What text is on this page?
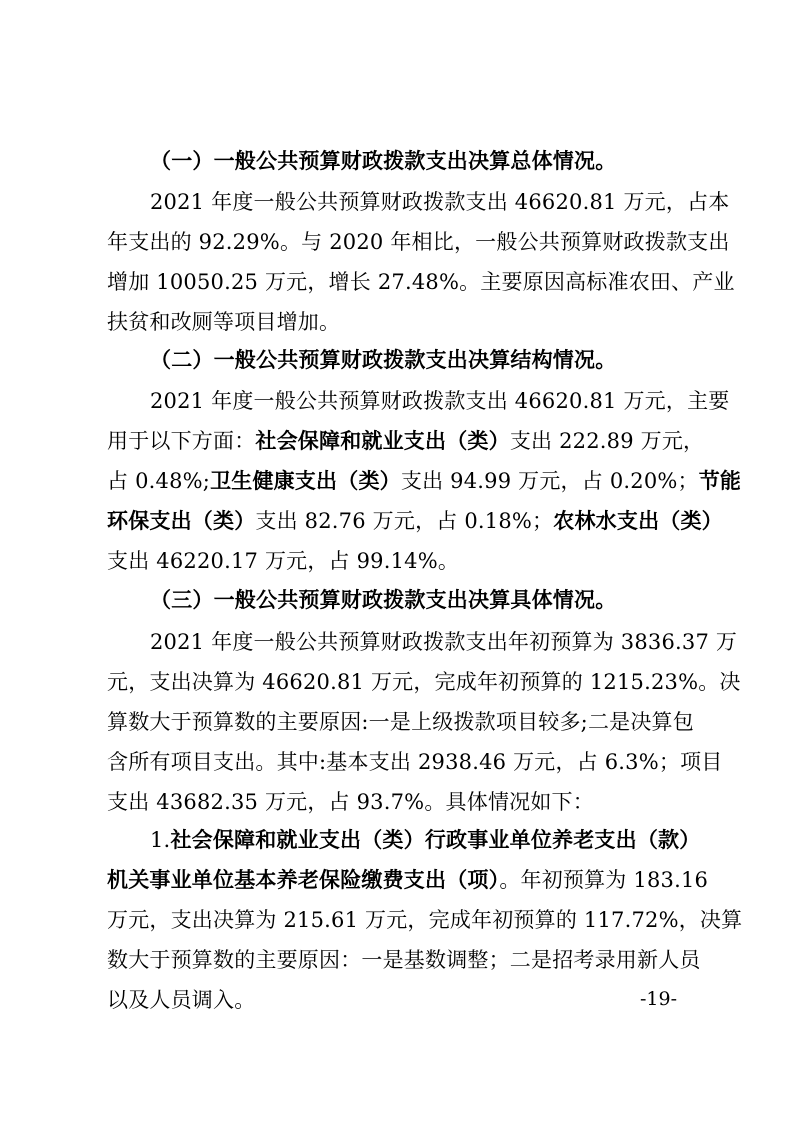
（一）一般公共预算财政拨款支出决算总体情况。
2021 年度一般公共预算财政拨款支出 46620.81 万元，占本
年支出的 92.29%。与 2020 年相比，一般公共预算财政拨款支出
增加 10050.25 万元，增长 27.48%。主要原因高标准农田、产业
扶贫和改厕等项目增加。
（二）一般公共预算财政拨款支出决算结构情况。
2021 年度一般公共预算财政拨款支出 46620.81 万元，主要
用于以下方面：社会保障和就业支出（类）支出 222.89 万元，
占 0.48%;卫生健康支出（类）支出 94.99 万元，占 0.20%；节能
环保支出（类）支出 82.76 万元，占 0.18%；农林水支出（类）
支出 46220.17 万元，占 99.14%。
（三）一般公共预算财政拨款支出决算具体情况。
2021 年度一般公共预算财政拨款支出年初预算为 3836.37 万
元，支出决算为 46620.81 万元，完成年初预算的 1215.23%。决
算数大于预算数的主要原因:一是上级拨款项目较多;二是决算包
含所有项目支出。其中:基本支出 2938.46 万元，占 6.3%；项目
支出 43682.35 万元，占 93.7%。具体情况如下：
1.社会保障和就业支出（类）行政事业单位养老支出（款）
机关事业单位基本养老保险缴费支出（项）。年初预算为 183.16
万元，支出决算为 215.61 万元，完成年初预算的 117.72%，决算
数大于预算数的主要原因：一是基数调整；二是招考录用新人员
以及人员调入。	-19-
